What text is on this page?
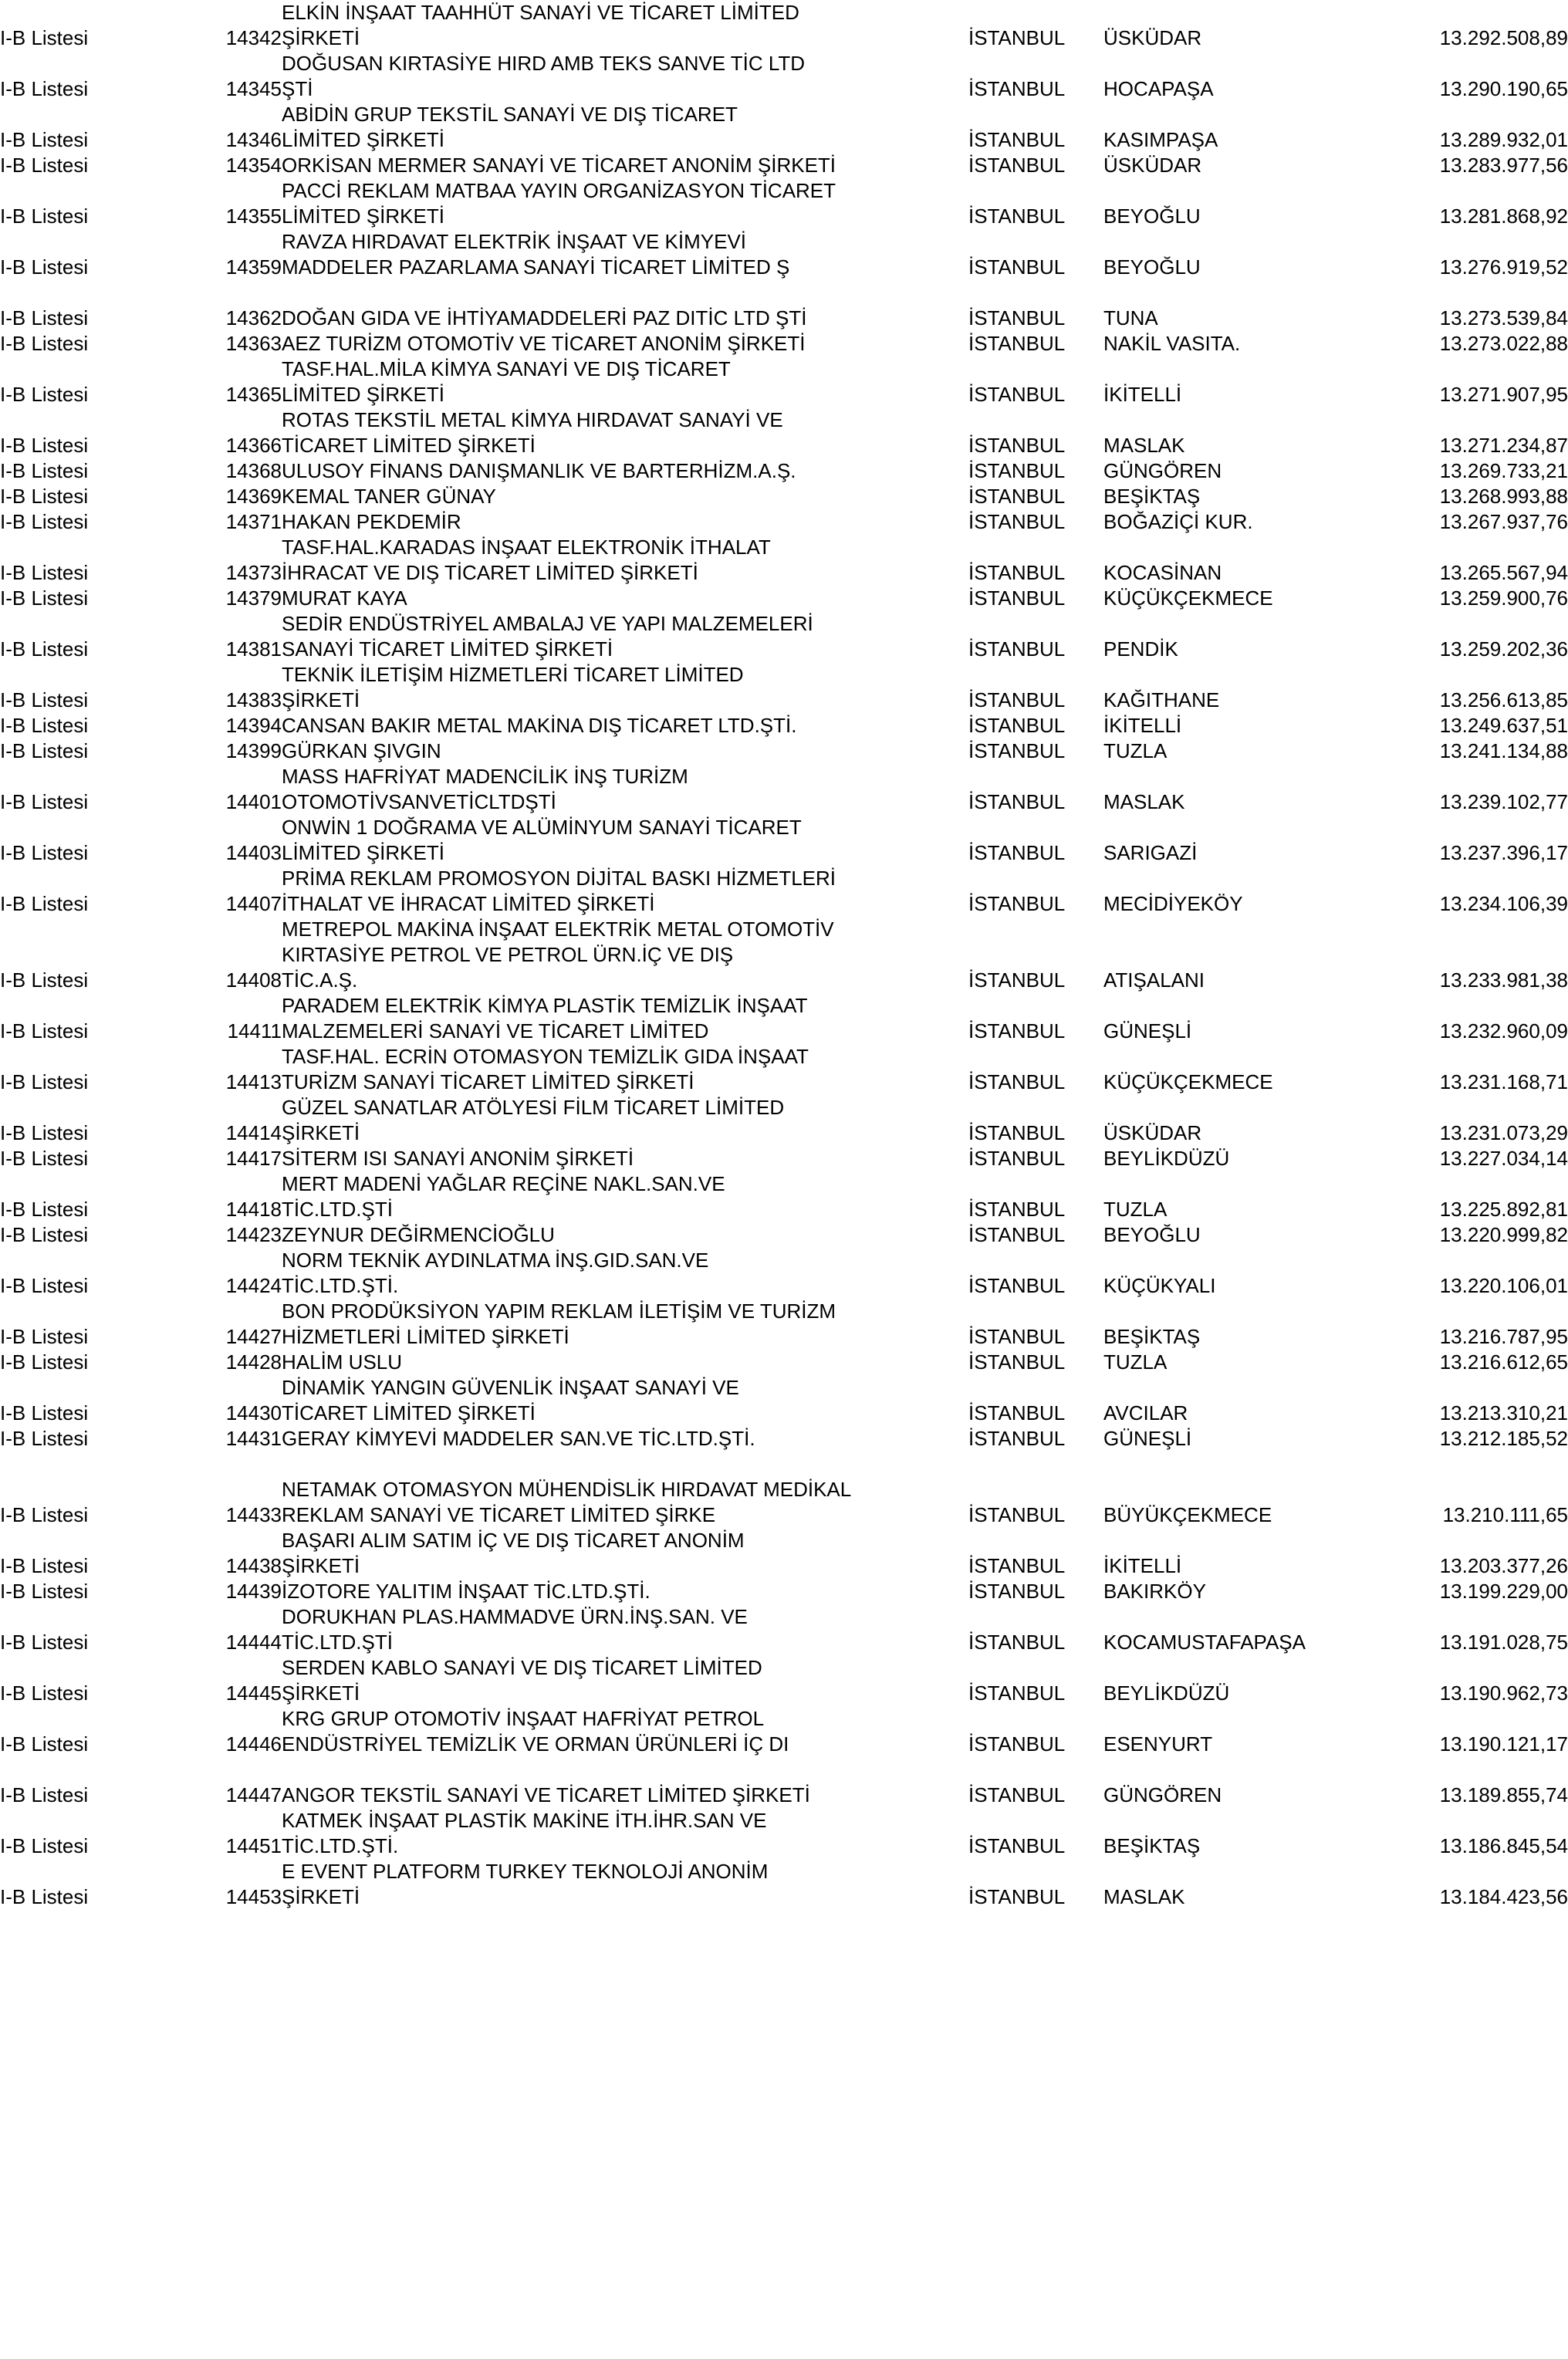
		ELKİN İNŞAAT TAAHHÜT SANAYİ VE TİCARET LİMİTED			
I-B Listesi	14342	ŞİRKETİ	İSTANBUL	ÜSKÜDAR	13.292.508,89
		DOĞUSAN KIRTASİYE HIRD AMB TEKS SANVE TİC LTD			
I-B Listesi	14345	ŞTİ	İSTANBUL	HOCAPAŞA	13.290.190,65
		ABİDİN GRUP TEKSTİL SANAYİ VE DIŞ TİCARET			
I-B Listesi	14346	LİMİTED ŞİRKETİ	İSTANBUL	KASIMPAŞA	13.289.932,01
I-B Listesi	14354	ORKİSAN MERMER SANAYİ VE TİCARET ANONİM ŞİRKETİ	İSTANBUL	ÜSKÜDAR	13.283.977,56
		PACCİ REKLAM MATBAA YAYIN ORGANİZASYON TİCARET			
I-B Listesi	14355	LİMİTED ŞİRKETİ	İSTANBUL	BEYOĞLU	13.281.868,92
		RAVZA HIRDAVAT ELEKTRİK İNŞAAT VE KİMYEVİ			
I-B Listesi	14359	MADDELER PAZARLAMA SANAYİ TİCARET LİMİTED Ş	İSTANBUL	BEYOĞLU	13.276.919,52

I-B Listesi	14362	DOĞAN GIDA VE İHTİYAMADDELERİ PAZ DITİC LTD ŞTİ	İSTANBUL	TUNA	13.273.539,84
I-B Listesi	14363	AEZ TURİZM OTOMOTİV VE TİCARET ANONİM ŞİRKETİ	İSTANBUL	NAKİL VASITA.	13.273.022,88
		TASF.HAL.MİLA KİMYA SANAYİ VE DIŞ TİCARET			
I-B Listesi	14365	LİMİTED ŞİRKETİ	İSTANBUL	İKİTELLİ	13.271.907,95
		ROTAS TEKSTİL METAL KİMYA HIRDAVAT SANAYİ VE			
I-B Listesi	14366	TİCARET LİMİTED ŞİRKETİ	İSTANBUL	MASLAK	13.271.234,87
I-B Listesi	14368	ULUSOY FİNANS DANIŞMANLIK VE BARTERHİZM.A.Ş.	İSTANBUL	GÜNGÖREN	13.269.733,21
I-B Listesi	14369	KEMAL TANER GÜNAY	İSTANBUL	BEŞİKTAŞ	13.268.993,88
I-B Listesi	14371	HAKAN PEKDEMİR	İSTANBUL	BOĞAZİÇİ KUR.	13.267.937,76
		TASF.HAL.KARADAS İNŞAAT ELEKTRONİK İTHALAT			
I-B Listesi	14373	İHRACAT VE DIŞ TİCARET LİMİTED ŞİRKETİ	İSTANBUL	KOCASİNAN	13.265.567,94
I-B Listesi	14379	MURAT KAYA	İSTANBUL	KÜÇÜKÇEKMECE	13.259.900,76
		SEDİR ENDÜSTRİYEL AMBALAJ VE YAPI MALZEMELERİ			
I-B Listesi	14381	SANAYİ TİCARET LİMİTED ŞİRKETİ	İSTANBUL	PENDİK	13.259.202,36
		TEKNİK İLETİŞİM HİZMETLERİ TİCARET LİMİTED			
I-B Listesi	14383	ŞİRKETİ	İSTANBUL	KAĞITHANE	13.256.613,85
I-B Listesi	14394	CANSAN BAKIR METAL MAKİNA DIŞ TİCARET LTD.ŞTİ.	İSTANBUL	İKİTELLİ	13.249.637,51
I-B Listesi	14399	GÜRKAN ŞIVGIN	İSTANBUL	TUZLA	13.241.134,88
		MASS HAFRİYAT MADENCİLİK İNŞ TURİZM			
I-B Listesi	14401	OTOMOTİVSANVETİCLTDŞTİ	İSTANBUL	MASLAK	13.239.102,77
		ONWİN 1 DOĞRAMA VE ALÜMİNYUM SANAYİ TİCARET			
I-B Listesi	14403	LİMİTED ŞİRKETİ	İSTANBUL	SARIGAZİ	13.237.396,17
		PRİMA REKLAM PROMOSYON DİJİTAL BASKI HİZMETLERİ			
I-B Listesi	14407	İTHALAT VE İHRACAT LİMİTED ŞİRKETİ	İSTANBUL	MECİDİYEKÖY	13.234.106,39
		METREPOL MAKİNA İNŞAAT ELEKTRİK METAL OTOMOTİV			
		KIRTASİYE PETROL VE PETROL ÜRN.İÇ VE DIŞ			
I-B Listesi	14408	TİC.A.Ş.	İSTANBUL	ATIŞALANI	13.233.981,38
		PARADEM ELEKTRİK KİMYA PLASTİK TEMİZLİK İNŞAAT			
I-B Listesi	14411	MALZEMELERİ SANAYİ VE TİCARET LİMİTED	İSTANBUL	GÜNEŞLİ	13.232.960,09
		TASF.HAL. ECRİN OTOMASYON TEMİZLİK GIDA İNŞAAT			
I-B Listesi	14413	TURİZM SANAYİ TİCARET LİMİTED ŞİRKETİ	İSTANBUL	KÜÇÜKÇEKMECE	13.231.168,71
		GÜZEL SANATLAR ATÖLYESİ FİLM TİCARET LİMİTED			
I-B Listesi	14414	ŞİRKETİ	İSTANBUL	ÜSKÜDAR	13.231.073,29
I-B Listesi	14417	SİTERM ISI SANAYİ ANONİM ŞİRKETİ	İSTANBUL	BEYLİKDÜZÜ	13.227.034,14
		MERT MADENİ YAĞLAR REÇİNE NAKL.SAN.VE			
I-B Listesi	14418	TİC.LTD.ŞTİ	İSTANBUL	TUZLA	13.225.892,81
I-B Listesi	14423	ZEYNUR DEĞİRMENCİOĞLU	İSTANBUL	BEYOĞLU	13.220.999,82
		NORM TEKNİK AYDINLATMA İNŞ.GID.SAN.VE			
I-B Listesi	14424	TİC.LTD.ŞTİ.	İSTANBUL	KÜÇÜKYALI	13.220.106,01
		BON PRODÜKSİYON YAPIM REKLAM İLETİŞİM VE TURİZM			
I-B Listesi	14427	HİZMETLERİ LİMİTED ŞİRKETİ	İSTANBUL	BEŞİKTAŞ	13.216.787,95
I-B Listesi	14428	HALİM USLU	İSTANBUL	TUZLA	13.216.612,65
		DİNAMİK YANGIN GÜVENLİK İNŞAAT SANAYİ VE			
I-B Listesi	14430	TİCARET LİMİTED ŞİRKETİ	İSTANBUL	AVCILAR	13.213.310,21
I-B Listesi	14431	GERAY KİMYEVİ MADDELER SAN.VE TİC.LTD.ŞTİ.	İSTANBUL	GÜNEŞLİ	13.212.185,52

		NETAMAK OTOMASYON MÜHENDİSLİK HIRDAVAT MEDİKAL			
I-B Listesi	14433	REKLAM SANAYİ VE TİCARET LİMİTED ŞİRKE	İSTANBUL	BÜYÜKÇEKMECE	13.210.111,65
		BAŞARI ALIM SATIM İÇ VE DIŞ TİCARET ANONİM			
I-B Listesi	14438	ŞİRKETİ	İSTANBUL	İKİTELLİ	13.203.377,26
I-B Listesi	14439	İZOTORE YALITIM İNŞAAT TİC.LTD.ŞTİ.	İSTANBUL	BAKIRKÖY	13.199.229,00
		DORUKHAN PLAS.HAMMADVE ÜRN.İNŞ.SAN. VE			
I-B Listesi	14444	TİC.LTD.ŞTİ	İSTANBUL	KOCAMUSTAFAPAŞA	13.191.028,75
		SERDEN KABLO SANAYİ VE DIŞ TİCARET LİMİTED			
I-B Listesi	14445	ŞİRKETİ	İSTANBUL	BEYLİKDÜZÜ	13.190.962,73
		KRG GRUP OTOMOTİV İNŞAAT HAFRİYAT PETROL			
I-B Listesi	14446	ENDÜSTRİYEL TEMİZLİK VE ORMAN ÜRÜNLERİ İÇ DI	İSTANBUL	ESENYURT	13.190.121,17

I-B Listesi	14447	ANGOR TEKSTİL SANAYİ VE TİCARET LİMİTED ŞİRKETİ	İSTANBUL	GÜNGÖREN	13.189.855,74
		KATMEK İNŞAAT PLASTİK MAKİNE İTH.İHR.SAN VE			
I-B Listesi	14451	TİC.LTD.ŞTİ.	İSTANBUL	BEŞİKTAŞ	13.186.845,54
		E EVENT PLATFORM TURKEY TEKNOLOJİ ANONİM			
I-B Listesi	14453	ŞİRKETİ	İSTANBUL	MASLAK	13.184.423,56
